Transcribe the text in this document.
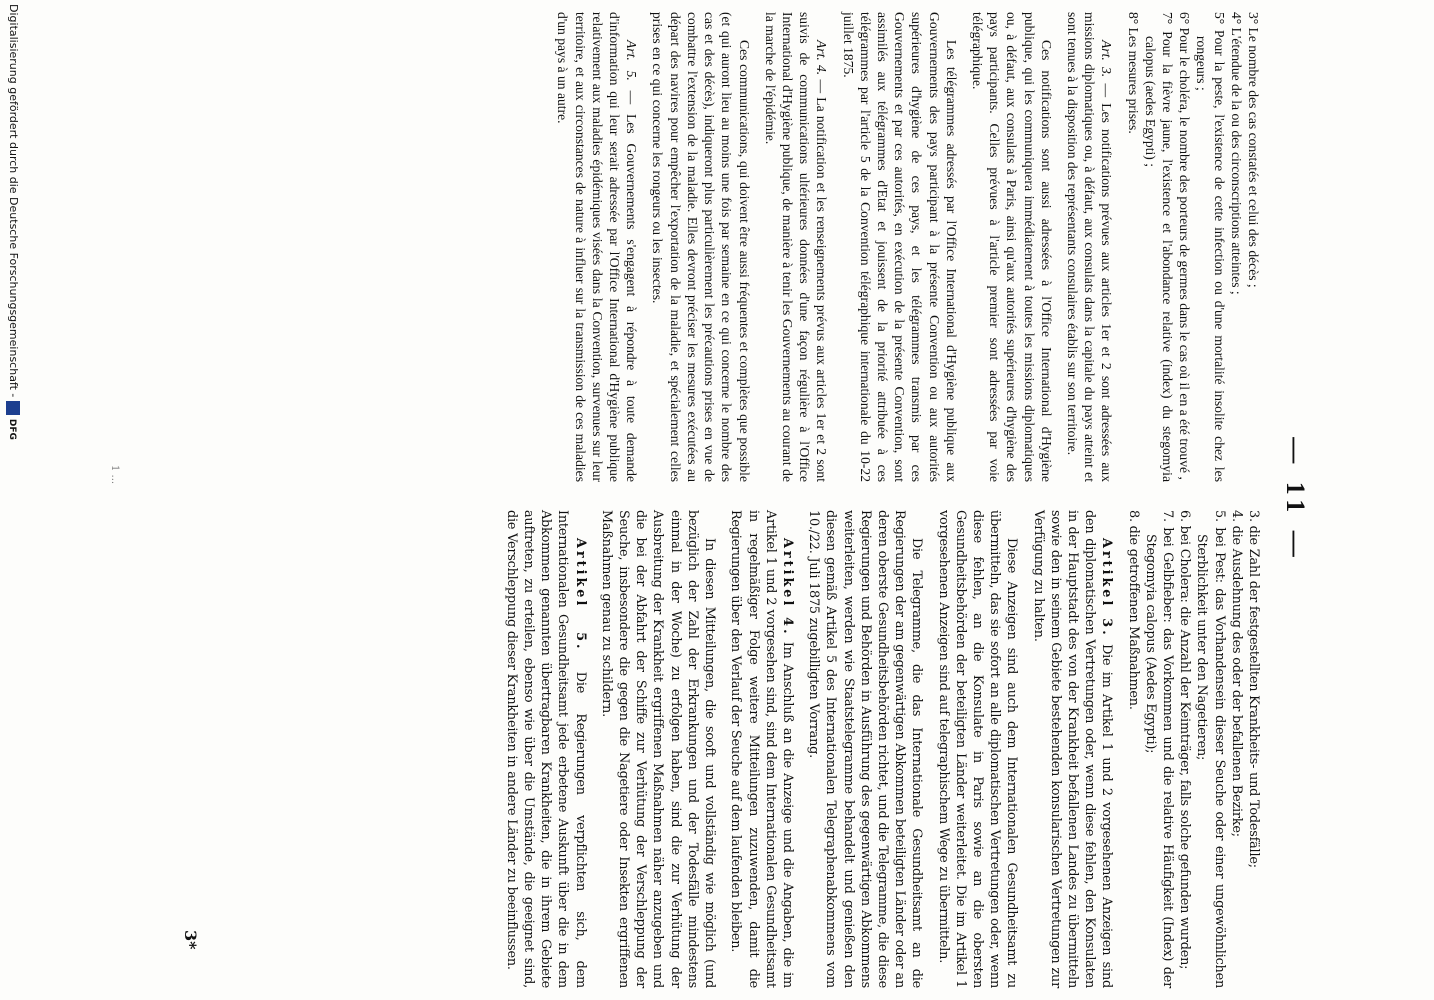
— 11 —

3° Le nombre des cas constatés et celui des décès ;

4° L'étendue de la ou des circonscriptions atteintes ;

5° Pour la peste, l'existence de cette infection ou d'une mortalité insolite chez les rongeurs ;

6° Pour le choléra, le nombre des porteurs de germes dans le cas où il en a été trouvé ,

7° Pour la fièvre jaune, l'existence et l'abondance relative (index) du stegomyia calopus (aedes Egypti) ;

8° Les mesures prises.

Art. 3. — Les notifications prévues aux articles 1er et 2 sont adressées aux missions diplomatiques ou, à défaut, aux consulats dans la capitale du pays atteint et sont tenues à la disposition des représentants consulaires établis sur son territoire.

Ces notifications sont aussi adressées à l'Office International d'Hygiène publique, qui les communiquera immédiatement à toutes les missions diplomatiques ou, à défaut, aux consulats à Paris, ainsi qu'aux autorités supérieures d'hygiène des pays participants. Celles prévues à l'article premier sont adressées par voie télégraphique.

Les télégrammes adressés par l'Office International d'Hygiène publique aux Gouvernements des pays participant à la présente Convention ou aux autorités supérieures d'hygiène de ces pays, et les télégrammes transmis par ces Gouvernements et par ces autorités, en exécution de la présente Convention, sont assimilés aux télégrammes d'Etat et jouissent de la priorité attribuée à ces télégrammes par l'article 5 de la Convention télégraphique internationale du 10-22 juillet 1875.

Art. 4. — La notification et les renseignements prévus aux articles 1er et 2 sont suivis de communications ultérieures données d'une façon régulière à l'Office International d'Hygiène publique, de manière à tenir les Gouvernements au courant de la marche de l'épidémie.

Ces communications, qui doivent être aussi fréquentes et complètes que possible (et qui auront lieu au moins une fois par semaine en ce qui concerne le nombre des cas et des décès), indiqueront plus particulièrement les précautions prises en vue de combattre l'extension de la maladie. Elles devront préciser les mesures exécutées au départ des navires pour empêcher l'exportation de la maladie, et spécialement celles prises en ce qui concerne les rongeurs ou les insectes.

Art. 5. — Les Gouvernements s'engagent à répondre à toute demande d'information qui leur serait adressée par l'Office International d'Hygiène publique relativement aux maladies épidémiques visées dans la Convention, survenues sur leur territoire, et aux circonstances de nature à influer sur la transmission de ces maladies d'un pays à un autre.

3. die Zahl der festgestellten Krankheits- und Todesfälle;

4. die Ausdehnung des oder der befallenen Bezirke;

5. bei Pest: das Vorhandensein dieser Seuche oder einer ungewöhnlichen Sterblichkeit unter den Nagetieren;

6. bei Cholera: die Anzahl der Keimträger, falls solche gefunden wurden;

7. bei Gelbfieber: das Vorkommen und die relative Häufigkeit (Index) der Stegomyia calopus (Aedes Egypti);

8. die getroffenen Maßnahmen.

Artikel 3. Die im Artikel 1 und 2 vorgesehenen Anzeigen sind den diplomatischen Vertretungen oder, wenn diese fehlen, den Konsulaten in der Hauptstadt des von der Krankheit befallenen Landes zu übermitteln sowie den in seinem Gebiete bestehenden konsularischen Vertretungen zur Verfügung zu halten.

Diese Anzeigen sind auch dem Internationalen Gesundheitsamt zu übermitteln, das sie sofort an alle diplomatischen Vertretungen oder, wenn diese fehlen, an die Konsulate in Paris sowie an die obersten Gesundheitsbehörden der beteiligten Länder weiterleitet. Die im Artikel 1 vorgesehenen Anzeigen sind auf telegraphischem Wege zu übermitteln.

Die Telegramme, die das Internationale Gesundheitsamt an die Regierungen der am gegenwärtigen Abkommen beteiligten Länder oder an deren oberste Gesundheitsbehörden richtet, und die Telegramme, die diese Regierungen und Behörden in Ausführung des gegenwärtigen Abkommens weiterleiten, werden wie Staatstelegramme behandelt und genießen den diesen gemäß Artikel 5 des Internationalen Telegraphenabkommens vom 10./22. Juli 1875 zugebilligten Vorrang.

Artikel 4. Im Anschluß an die Anzeige und die Angaben, die im Artikel 1 und 2 vorgesehen sind, sind dem Internationalen Gesundheitsamt in regelmäßiger Folge weitere Mitteilungen zuzuwenden, damit die Regierungen über den Verlauf der Seuche auf dem laufenden bleiben.

In diesen Mitteilungen, die sooft und vollständig wie möglich (und bezüglich der Zahl der Erkrankungen und der Todesfälle mindestens einmal in der Woche) zu erfolgen haben, sind die zur Verhütung der Ausbreitung der Krankheit ergriffenen Maßnahmen näher anzugeben und die bei der Abfahrt der Schiffe zur Verhütung der Verschleppung der Seuche, insbesondere die gegen die Nagetiere oder Insekten ergriffenen Maßnahmen genau zu schildern.

Artikel 5. Die Regierungen verpflichten sich, dem Internationalen Gesundheitsamt jede erbetene Auskunft über die in dem Abkommen genannten übertragbaren Krankheiten, die in ihrem Gebiete auftreten, zu erteilen, ebenso wie über die Umstände, die geeignet sind, die Verschleppung dieser Krankheiten in andere Länder zu beeinflussen.

1 ...
3*
Digitalisierung gefördert durch die Deutsche Forschungsgemeinschaft - DFG
